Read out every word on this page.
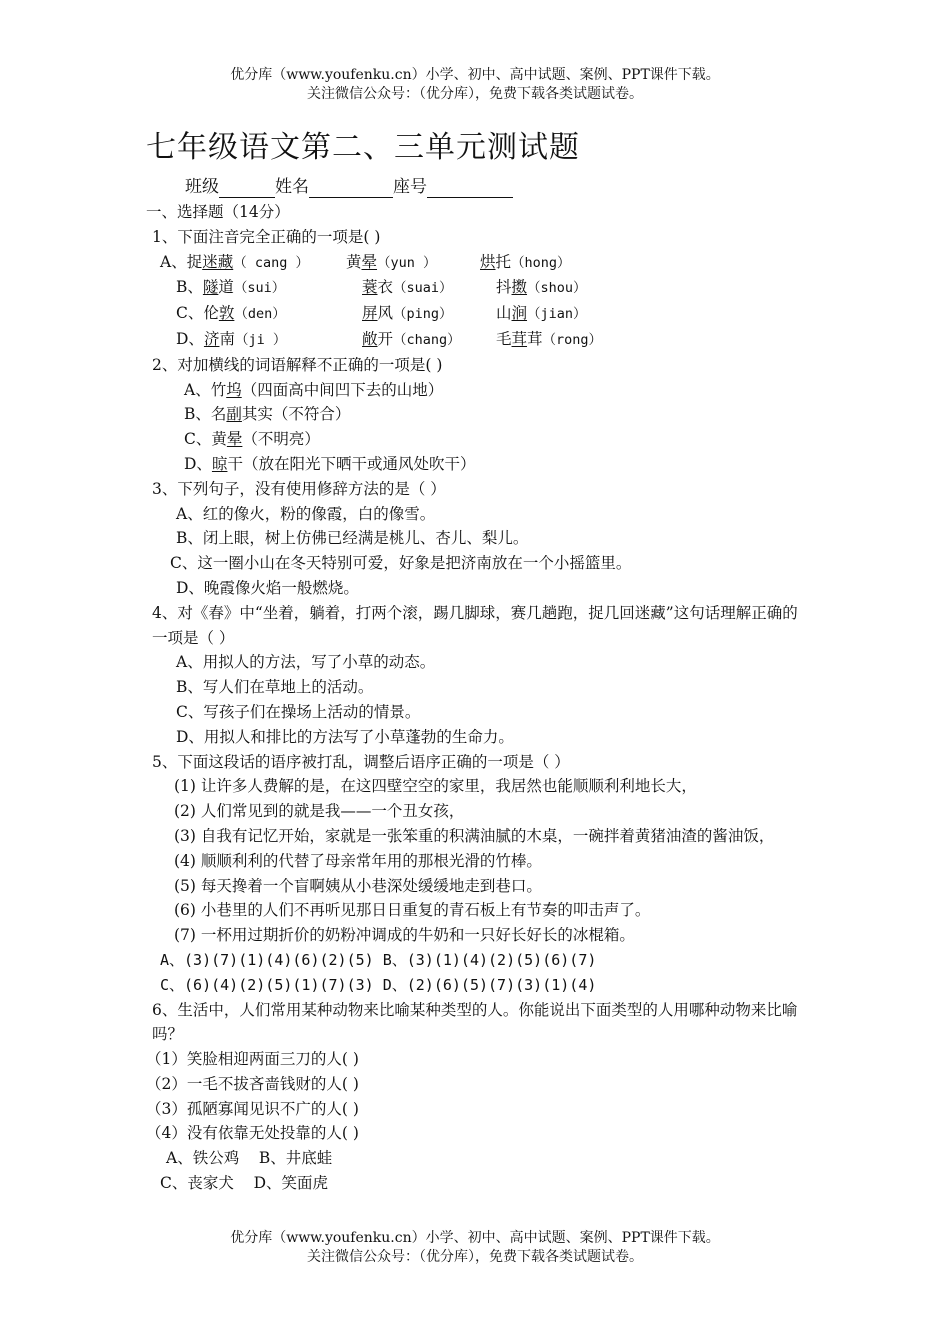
优分库（www.youfenku.cn）小学、初中、高中试题、案例、PPT课件下载。
关注微信公众号：（优分库），免费下载各类试题试卷。
七年级语文第二、三单元测试题
班级	姓名	座号

一、选择题（14分）

1、下面注音完全正确的一项是( )

A、捉迷藏（ cang ） 黄晕（yun ）	烘托（hong）

B、隧道（sui）	蓑衣（suai）	抖擞（shou）

C、伦敦（den）	屏风（ping）	山涧（jian）

D、济南（ji ）	敞开（chang） 毛茸茸（rong）

2、对加横线的词语解释不正确的一项是( )

A、竹坞（四面高中间凹下去的山地）

B、名副其实（不符合）

C、黄晕（不明亮）

D、晾干（放在阳光下晒干或通风处吹干）

3、下列句子，没有使用修辞方法的是（ ）

A、红的像火，粉的像霞，白的像雪。

B、闭上眼，树上仿佛已经满是桃儿、杏儿、梨儿。

C、这一圈小山在冬天特别可爱，好象是把济南放在一个小摇篮里。

D、晚霞像火焰一般燃烧。

4、对《春》中“坐着，躺着，打两个滚，踢几脚球，赛几趟跑，捉几回迷藏”这句话理解正确的一项是（ ）

A、用拟人的方法，写了小草的动态。

B、写人们在草地上的活动。

C、写孩子们在操场上活动的情景。

D、用拟人和排比的方法写了小草蓬勃的生命力。

5、下面这段话的语序被打乱，调整后语序正确的一项是（ ）

(1) 让许多人费解的是，在这四壁空空的家里，我居然也能顺顺利利地长大，

(2) 人们常见到的就是我——一个丑女孩，

(3) 自我有记忆开始，家就是一张笨重的积满油腻的木桌，一碗拌着黄猪油渣的酱油饭，

(4) 顺顺利利的代替了母亲常年用的那根光滑的竹棒。

(5) 每天搀着一个盲啊姨从小巷深处缓缓地走到巷口。

(6) 小巷里的人们不再听见那日日重复的青石板上有节奏的叩击声了。

(7) 一杯用过期折价的奶粉冲调成的牛奶和一只好长好长的冰棍箱。

A、(3)(7)(1)(4)(6)(2)(5) B、(3)(1)(4)(2)(5)(6)(7)

C、(6)(4)(2)(5)(1)(7)(3) D、(2)(6)(5)(7)(3)(1)(4)

6、生活中，人们常用某种动物来比喻某种类型的人。你能说出下面类型的人用哪种动物来比喻吗？

（1）笑脸相迎两面三刀的人( )

（2）一毛不拔吝啬钱财的人( )

（3）孤陋寡闻见识不广的人( )

（4）没有依靠无处投靠的人( )

A、铁公鸡    B、井底蛙

C、丧家犬    D、笑面虎

优分库（www.youfenku.cn）小学、初中、高中试题、案例、PPT课件下载。
关注微信公众号：（优分库），免费下载各类试题试卷。
